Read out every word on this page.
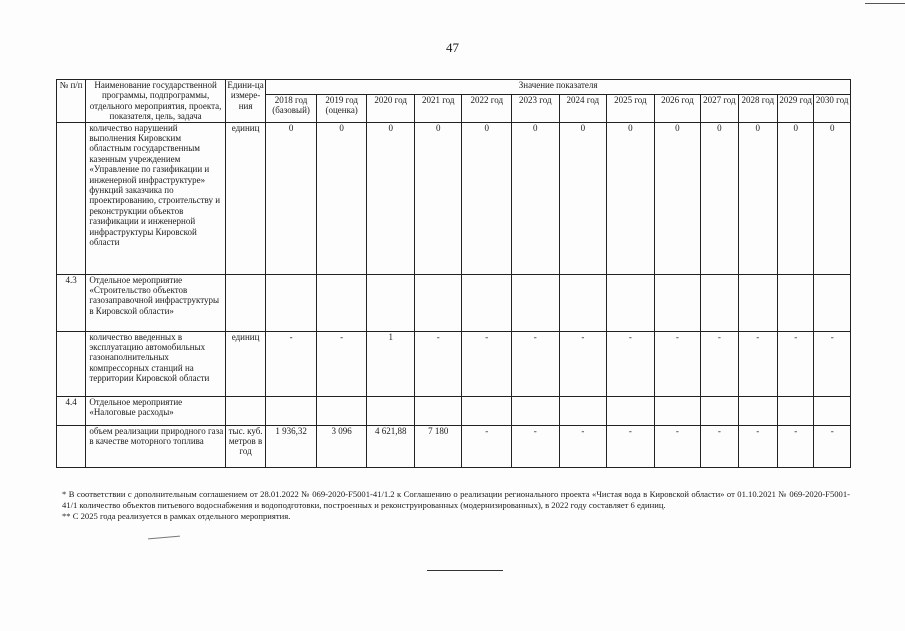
47
№ п/п	Наименование государственной программы, подпрограммы, отдельного мероприятия, проекта, показателя, цель, задача	Едини-ца измере-ния	Значение показателя												
			2018 год (базовый)	2019 год (оценка)	2020 год	2021 год	2022 год	2023 год	2024 год	2025 год	2026 год	2027 год	2028 год	2029 год	2030 год
	количество нарушений выполнения Кировским областным государственным казенным учреждением «Управление по газификации и инженерной инфраструктуре» функций заказчика по проектированию, строительству и реконструкции объектов газификации и инженерной инфраструктуры Кировской области	единиц	0	0	0	0	0	0	0	0	0	0	0	0	0
4.3	Отдельное мероприятие «Строительство объектов газозаправочной инфраструктуры в Кировской области»														
	количество введенных в эксплуатацию автомобильных газонаполнительных компрессорных станций на территории Кировской области	единиц	-	-	1	-	-	-	-	-	-	-	-	-	-
4.4	Отдельное мероприятие «Налоговые расходы»														
	объем реализации природного газа в качестве моторного топлива	тыс. куб. метров в год	1 936,32	3 096	4 621,88	7 180	-	-	-	-	-	-	-	-	-

* В соответствии с дополнительным соглашением от 28.01.2022 № 069-2020-F5001-41/1.2 к Соглашению о реализации регионального проекта «Чистая вода в Кировской области» от 01.10.2021 № 069-2020-F5001-41/1 количество объектов питьевого водоснабжения и водоподготовки, построенных и реконструированных (модернизированных), в 2022 году составляет 6 единиц.

** С 2025 года реализуется в рамках отдельного мероприятия.
